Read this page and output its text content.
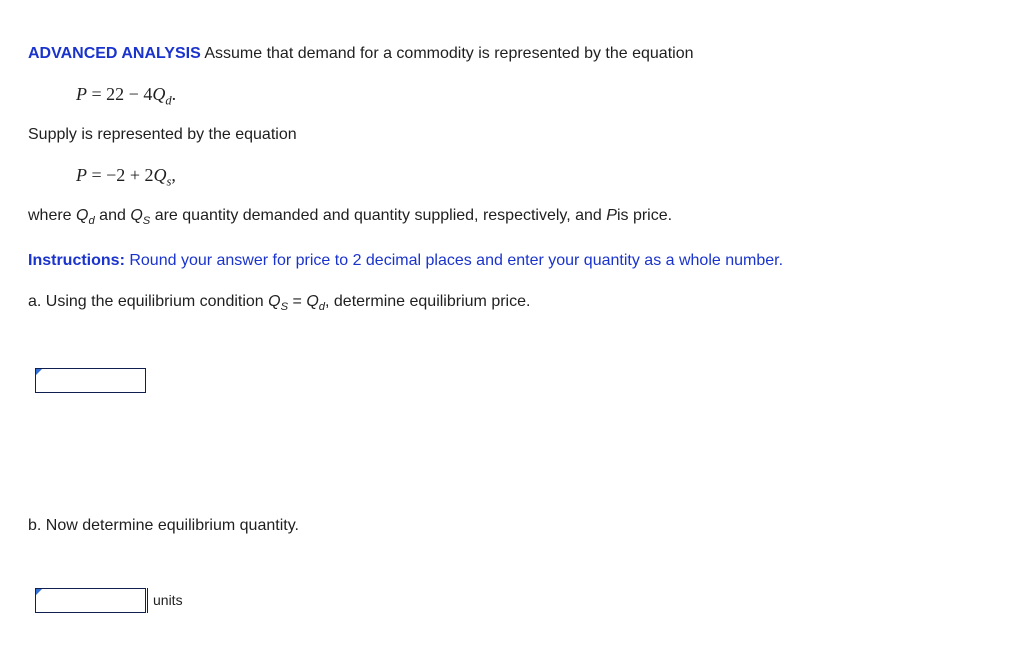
ADVANCED ANALYSIS Assume that demand for a commodity is represented by the equation
$P = 22 - 4Q_d$.
Supply is represented by the equation
$P = -2 + 2Q_s$,
where $Q_d$ and $Q_S$ are quantity demanded and quantity supplied, respectively, and Pis price.
Instructions: Round your answer for price to 2 decimal places and enter your quantity as a whole number.
a. Using the equilibrium condition $Q_S = Q_d$, determine equilibrium price.
b. Now determine equilibrium quantity.
units
